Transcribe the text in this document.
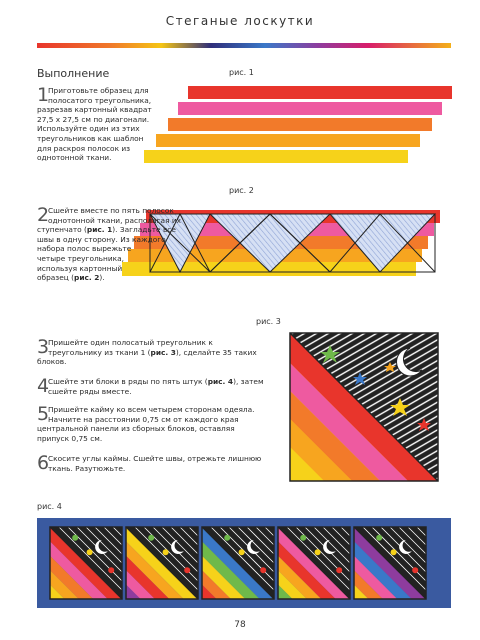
Стеганые лоскутки
Выполнение	рис. 1
1
Приготовьте образец для
полосатого треугольника,
разрезав картонный квадрат
27,5 х 27,5 см по диагонали.
Используйте один из этих
треугольников как шаблон
для раскроя полосок из
однотонной ткани.
рис. 2
2
Сшейте вместе по пять полосок
однотонной ткани, располагая их
ступенчато (рис. 1). Загладьте все
швы в одну сторону. Из каждого
набора полос вырежьте
четыре треугольника,
используя картонный
образец (рис. 2).
рис. 3
3
Пришейте один полосатый треугольник к
треугольнику из ткани 1 (рис. 3), сделайте 35 таких
блоков.
4
Сшейте эти блоки в ряды по пять штук (рис. 4), затем
сшейте ряды вместе.
5
Пришейте кайму ко всем четырем сторонам одеяла.
Начните на расстоянии 0,75 см от каждого края
центральной панели из сборных блоков, оставляя
припуск 0,75 см.
6
Скосите углы каймы. Сшейте швы, отрежьте лишнюю
ткань. Разутюжьте.
рис. 4
78
